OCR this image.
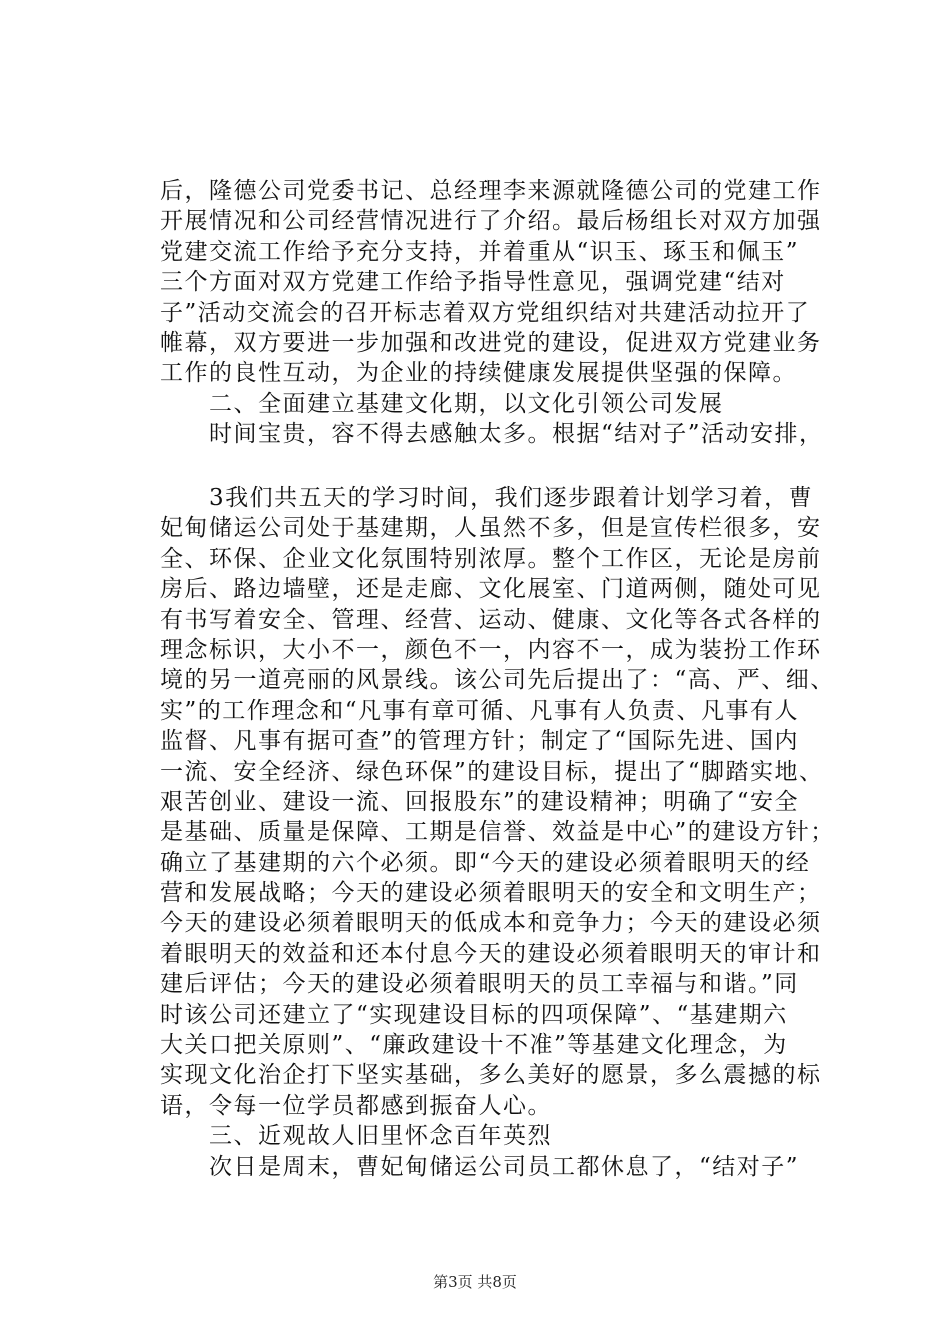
后，隆德公司党委书记、总经理李来源就隆德公司的党建工作
开展情况和公司经营情况进行了介绍。最后杨组长对双方加强
党建交流工作给予充分支持，并着重从“识玉、琢玉和佩玉”
三个方面对双方党建工作给予指导性意见，强调党建“结对
子”活动交流会的召开标志着双方党组织结对共建活动拉开了
帷幕，双方要进一步加强和改进党的建设，促进双方党建业务
工作的良性互动，为企业的持续健康发展提供坚强的保障。
　　二、全面建立基建文化期，以文化引领公司发展
　　时间宝贵，容不得去感触太多。根据“结对子”活动安排，
　　3我们共五天的学习时间，我们逐步跟着计划学习着，曹
妃甸储运公司处于基建期，人虽然不多，但是宣传栏很多，安
全、环保、企业文化氛围特别浓厚。整个工作区，无论是房前
房后、路边墙壁，还是走廊、文化展室、门道两侧，随处可见
有书写着安全、管理、经营、运动、健康、文化等各式各样的
理念标识，大小不一，颜色不一，内容不一，成为装扮工作环
境的另一道亮丽的风景线。该公司先后提出了：“高、严、细、
实”的工作理念和“凡事有章可循、凡事有人负责、凡事有人
监督、凡事有据可查”的管理方针；制定了“国际先进、国内
一流、安全经济、绿色环保”的建设目标，提出了“脚踏实地、
艰苦创业、建设一流、回报股东”的建设精神；明确了“安全
是基础、质量是保障、工期是信誉、效益是中心”的建设方针；
确立了基建期的六个必须。即“今天的建设必须着眼明天的经
营和发展战略；今天的建设必须着眼明天的安全和文明生产；
今天的建设必须着眼明天的低成本和竞争力；今天的建设必须
着眼明天的效益和还本付息今天的建设必须着眼明天的审计和
建后评估；今天的建设必须着眼明天的员工幸福与和谐。”同
时该公司还建立了“实现建设目标的四项保障”、“基建期六
大关口把关原则”、“廉政建设十不准”等基建文化理念，为
实现文化治企打下坚实基础，多么美好的愿景，多么震撼的标
语，令每一位学员都感到振奋人心。
　　三、近观故人旧里怀念百年英烈
　　次日是周末，曹妃甸储运公司员工都休息了，“结对子”
第3页 共8页
